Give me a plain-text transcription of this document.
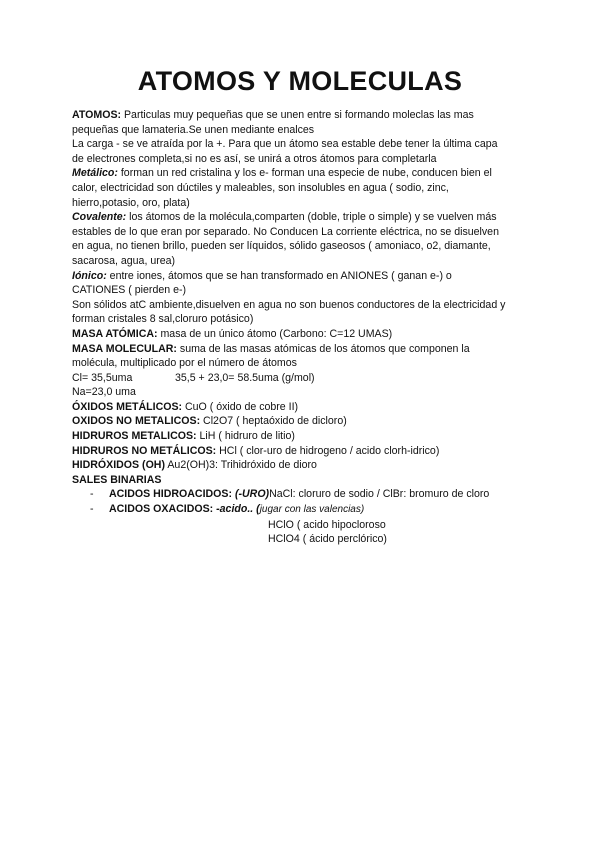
ATOMOS Y MOLECULAS

ATOMOS: Particulas muy pequeñas que se unen entre si formando moleclas las mas

pequeñas que lamateria.Se unen mediante enalces

La carga - se ve atraída por la +. Para que un átomo sea estable debe tener la última capa

de electrones completa,si no es así, se unirá a otros átomos para completarla

Metálico: forman un red cristalina y los e- forman una especie de nube, conducen bien el

calor, electricidad son dúctiles y maleables, son insolubles en agua ( sodio, zinc,

hierro,potasio, oro, plata)

Covalente: los átomos de la molécula,comparten (doble, triple o simple) y se vuelven más

estables de lo que eran por separado. No Conducen La corriente eléctrica, no se disuelven

en agua, no tienen brillo, pueden ser líquidos, sólido gaseosos ( amoniaco, o2, diamante,

sacarosa, agua, urea)

Iónico: entre iones, átomos que se han transformado en ANIONES ( ganan e-) o

CATIONES ( pierden e-)

Son sólidos atC ambiente,disuelven en agua no son buenos conductores de la electricidad y

forman cristales 8 sal,cloruro potásico)

MASA ATÓMICA: masa de un único átomo (Carbono: C=12 UMAS)

MASA MOLECULAR: suma de las masas atómicas de los átomos que componen la

molécula, multiplicado por el número de átomos

Cl= 35,5uma	35,5 + 23,0= 58.5uma (g/mol)

Na=23,0 uma

ÓXIDOS METÁLICOS: CuO ( óxido de cobre II)

OXIDOS NO METALICOS: Cl2O7 ( heptaóxido de dicloro)

HIDRUROS METALICOS: LiH ( hidruro de litio)

HIDRUROS NO METÁLICOS: HCl ( clor-uro de hidrogeno / acido clorh-idrico)

HIDRÓXIDOS (OH) Au2(OH)3: Trihidróxido de dioro

SALES BINARIAS

- ACIDOS HIDROACIDOS: (-URO)NaCl: cloruro de sodio / ClBr: bromuro de cloro

- ACIDOS OXACIDOS: -acido.. (jugar con las valencias)

HClO ( acido hipocloroso

HClO4 ( ácido perclórico)
